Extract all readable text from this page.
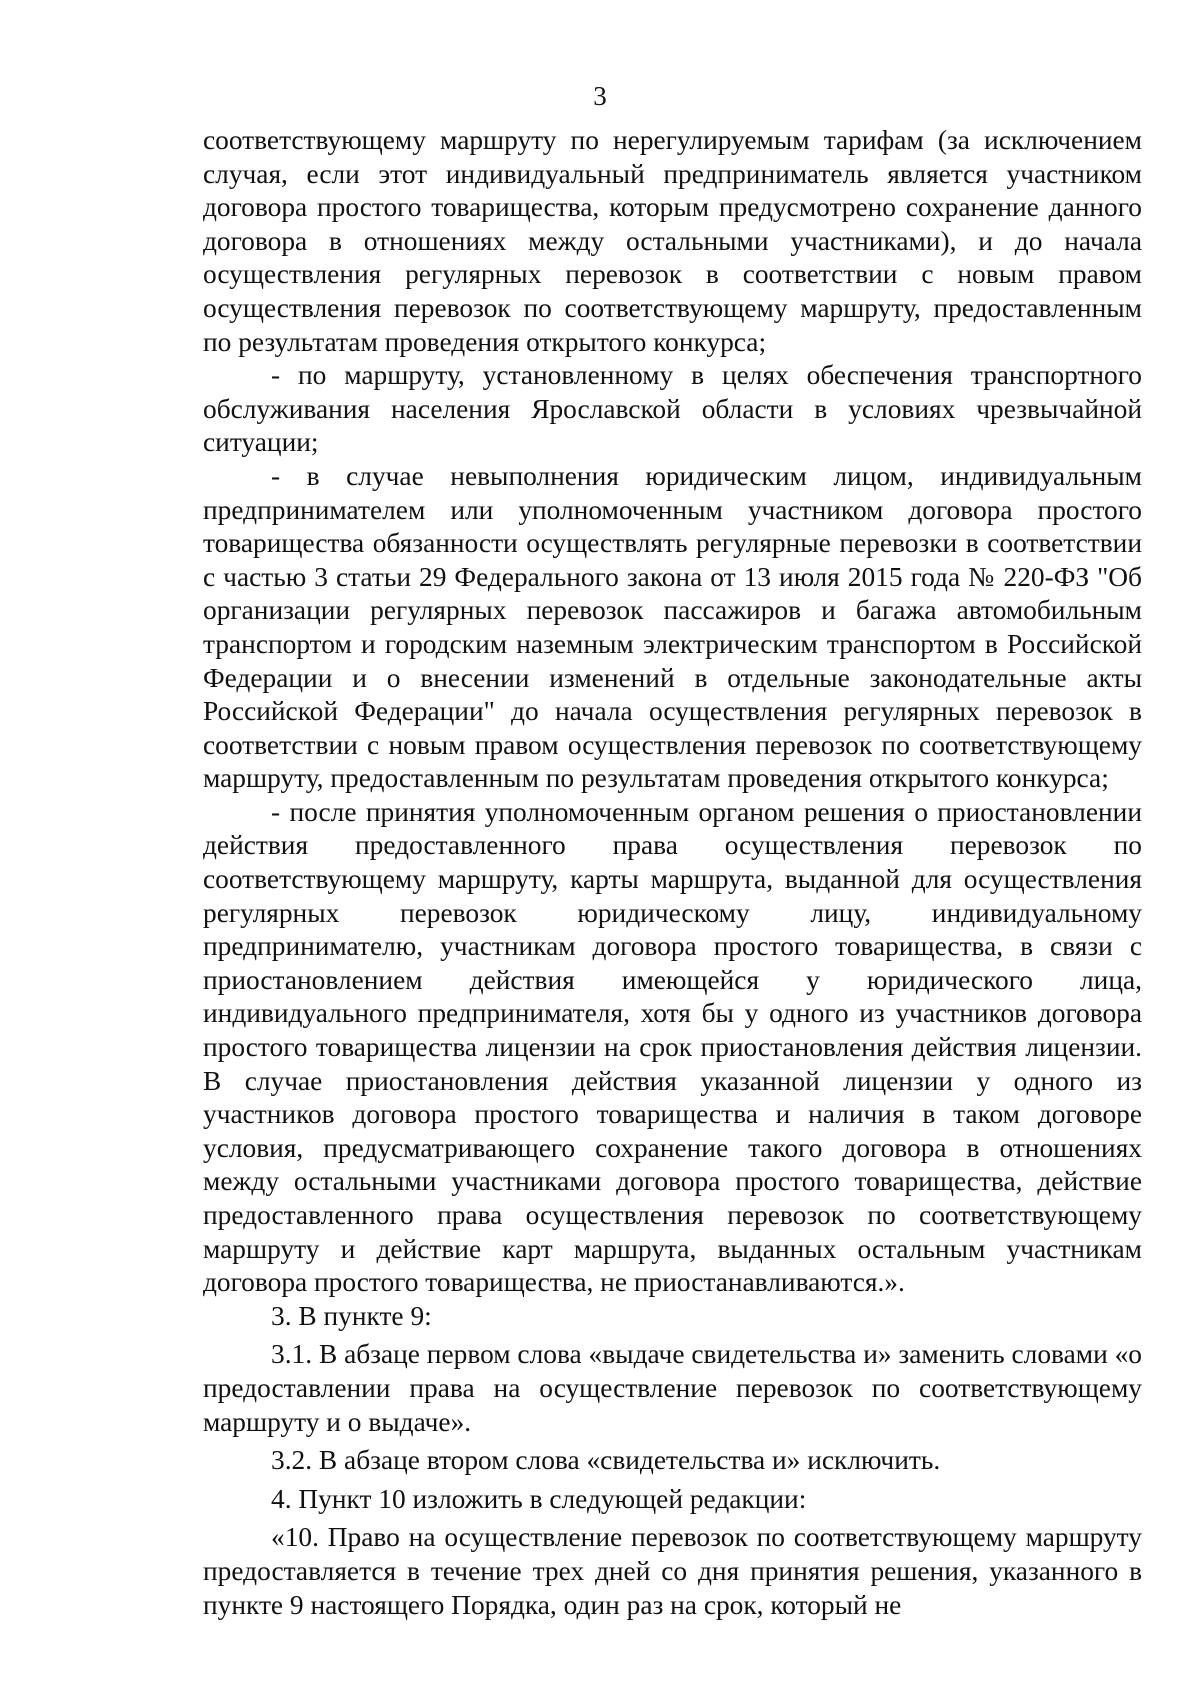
3

соответствующему маршруту по нерегулируемым тарифам (за исключением случая, если этот индивидуальный предприниматель является участником договора простого товарищества, которым предусмотрено сохранение данного договора в отношениях между остальными участниками), и до начала осуществления регулярных перевозок в соответствии с новым правом осуществления перевозок по соответствующему маршруту, предоставленным по результатам проведения открытого конкурса;

- по маршруту, установленному в целях обеспечения транспортного обслуживания населения Ярославской области в условиях чрезвычайной ситуации;

- в случае невыполнения юридическим лицом, индивидуальным предпринимателем или уполномоченным участником договора простого товарищества обязанности осуществлять регулярные перевозки в соответствии с частью 3 статьи 29 Федерального закона от 13 июля 2015 года № 220-ФЗ "Об организации регулярных перевозок пассажиров и багажа автомобильным транспортом и городским наземным электрическим транспортом в Российской Федерации и о внесении изменений в отдельные законодательные акты Российской Федерации" до начала осуществления регулярных перевозок в соответствии с новым правом осуществления перевозок по соответствующему маршруту, предоставленным по результатам проведения открытого конкурса;

- после принятия уполномоченным органом решения о приостановлении действия предоставленного права осуществления перевозок по соответствующему маршруту, карты маршрута, выданной для осуществления регулярных перевозок юридическому лицу, индивидуальному предпринимателю, участникам договора простого товарищества, в связи с приостановлением действия имеющейся у юридического лица, индивидуального предпринимателя, хотя бы у одного из участников договора простого товарищества лицензии на срок приостановления действия лицензии. В случае приостановления действия указанной лицензии у одного из участников договора простого товарищества и наличия в таком договоре условия, предусматривающего сохранение такого договора в отношениях между остальными участниками договора простого товарищества, действие предоставленного права осуществления перевозок по соответствующему маршруту и действие карт маршрута, выданных остальным участникам договора простого товарищества, не приостанавливаются.».

3. В пункте 9:

3.1. В абзаце первом слова «выдаче свидетельства и» заменить словами «о предоставлении права на осуществление перевозок по соответствующему маршруту и о выдаче».

3.2. В абзаце втором слова «свидетельства и» исключить.

4. Пункт 10 изложить в следующей редакции:

«10. Право на осуществление перевозок по соответствующему маршруту предоставляется в течение трех дней со дня принятия решения, указанного в пункте 9 настоящего Порядка, один раз на срок, который не
